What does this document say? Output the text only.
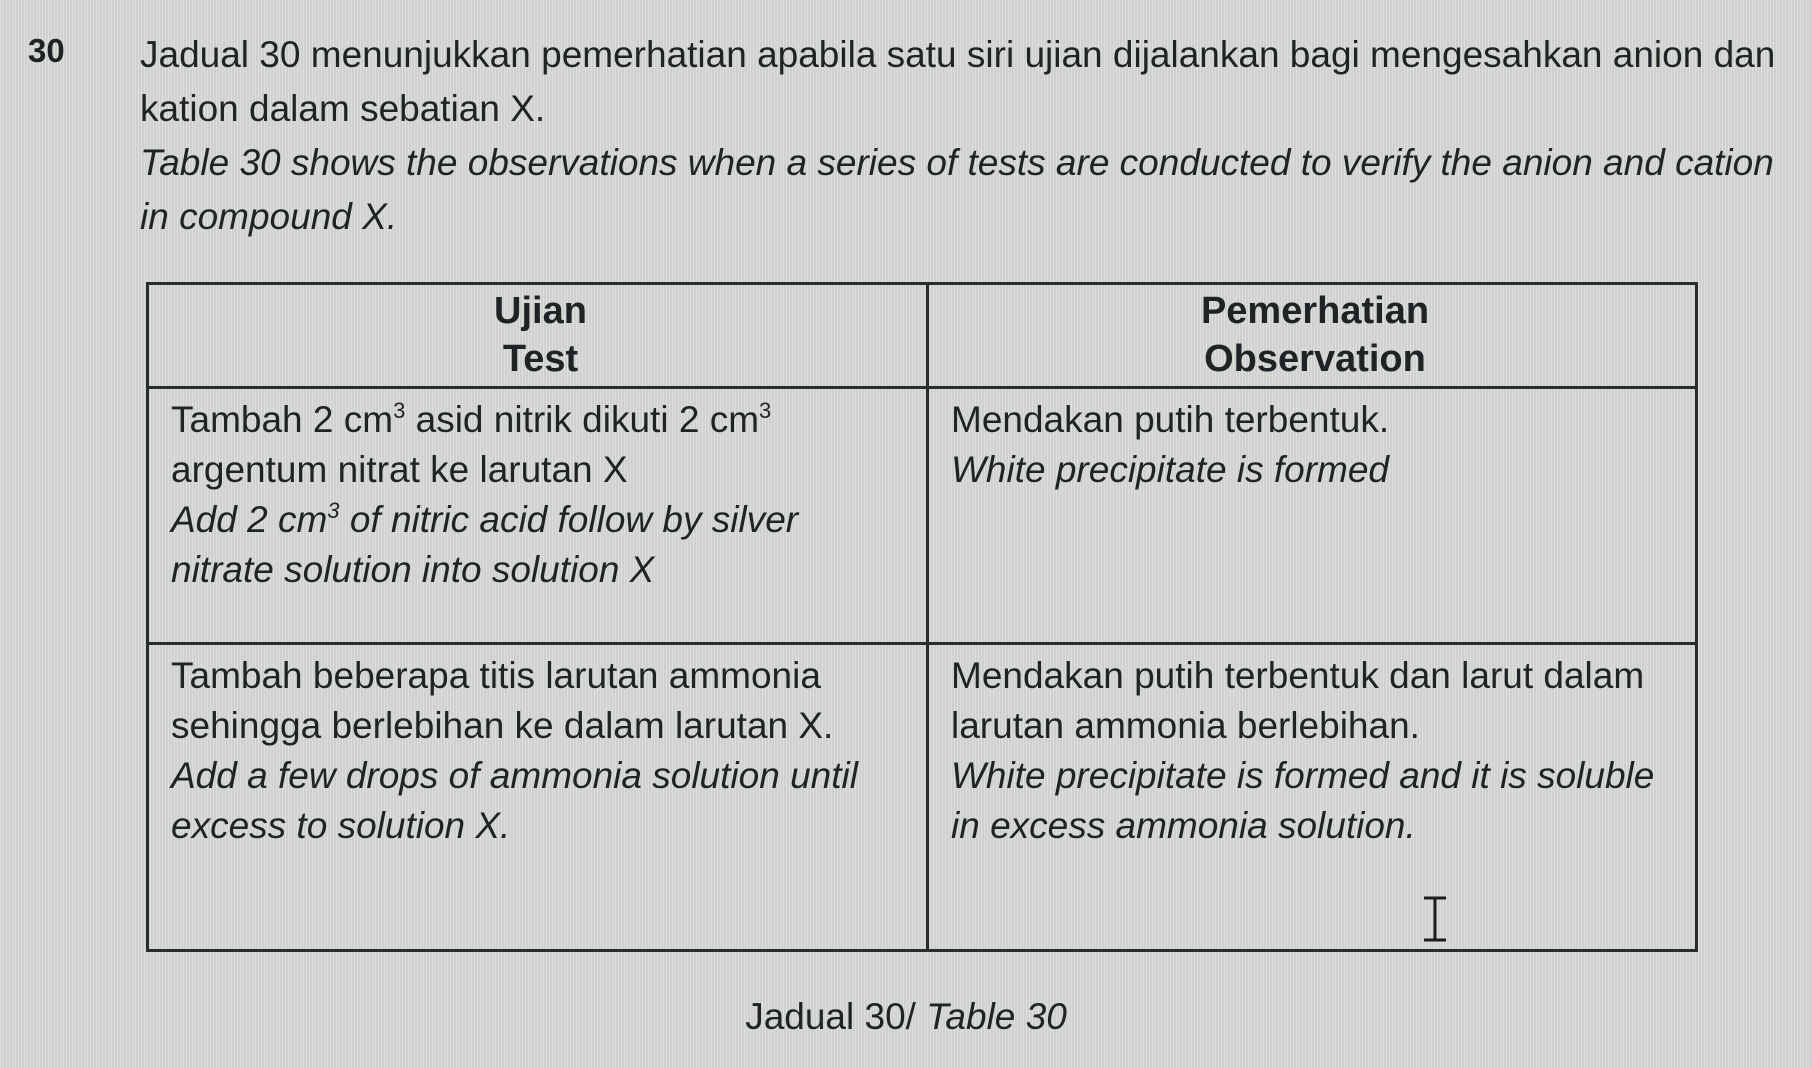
30 Jadual 30 menunjukkan pemerhatian apabila satu siri ujian dijalankan bagi mengesahkan anion dan kation dalam sebatian X.

Table 30 shows the observations when a series of tests are conducted to verify the anion and cation in compound X.

Ujian

Test

Pemerhatian

Observation

Tambah 2 $cm^3$ asid nitrik dikuti 2 $cm^3$ argentum nitrat ke larutan X

Add 2 $cm^3$ of nitric acid follow by silver nitrate solution into solution X

Mendakan putih terbentuk.

White precipitate is formed

Tambah beberapa titis larutan ammonia sehingga berlebihan ke dalam larutan X.

Add a few drops of ammonia solution until excess to solution X.

Mendakan putih terbentuk dan larut dalam larutan ammonia berlebihan.

White precipitate is formed and it is soluble in excess ammonia solution.

Jadual 30/ Table 30
